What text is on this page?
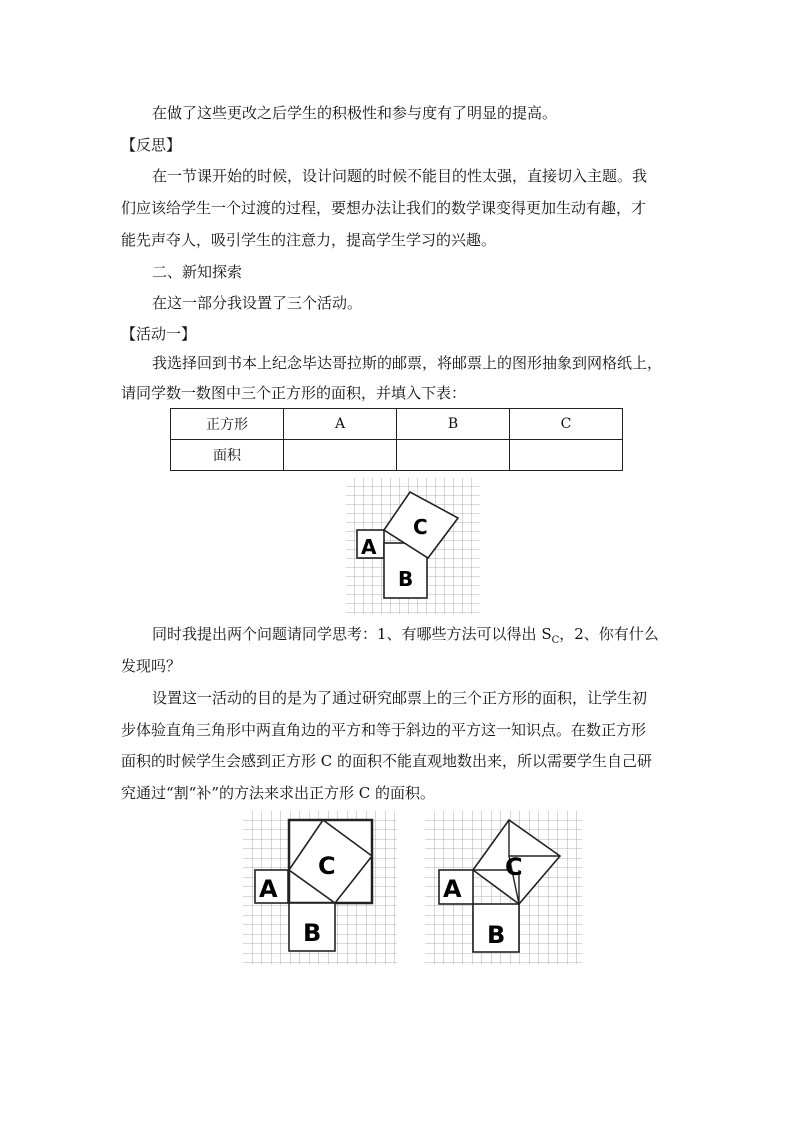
在做了这些更改之后学生的积极性和参与度有了明显的提高。
【反思】
在一节课开始的时候，设计问题的时候不能目的性太强，直接切入主题。我
们应该给学生一个过渡的过程，要想办法让我们的数学课变得更加生动有趣，才
能先声夺人，吸引学生的注意力，提高学生学习的兴趣。
二、新知探索
在这一部分我设置了三个活动。
【活动一】
我选择回到书本上纪念毕达哥拉斯的邮票，将邮票上的图形抽象到网格纸上，
请同学数一数图中三个正方形的面积，并填入下表：
正方形	A	B	C
面积			
A
B
C
同时我提出两个问题请同学思考：1、有哪些方法可以得出 $S_C$，2、你有什么
发现吗？
设置这一活动的目的是为了通过研究邮票上的三个正方形的面积，让学生初
步体验直角三角形中两直角边的平方和等于斜边的平方这一知识点。在数正方形
面积的时候学生会感到正方形 C 的面积不能直观地数出来，所以需要学生自己研
究通过“割“补”的方法来求出正方形 C 的面积。
A
B
C
A
B
C
